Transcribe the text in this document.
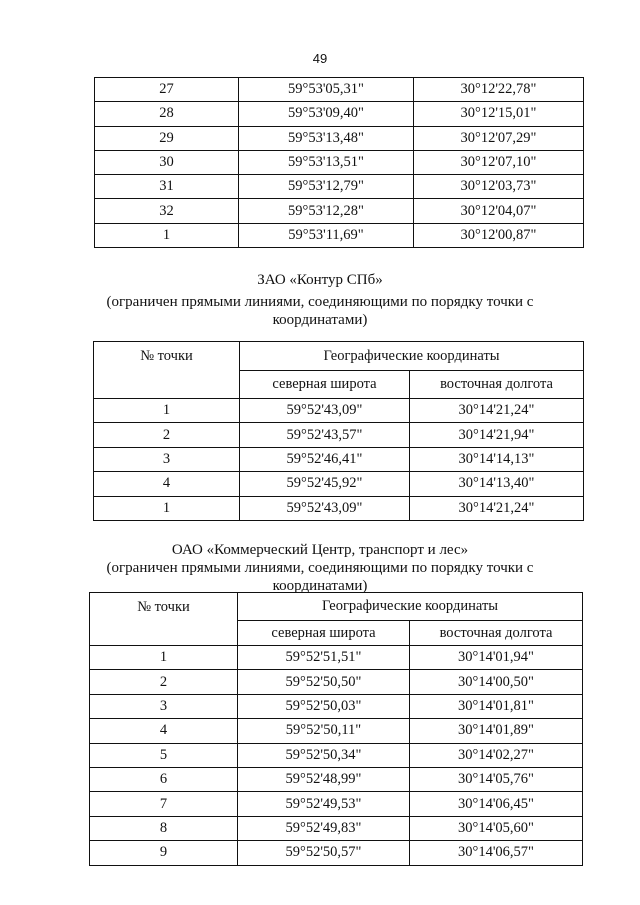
49
27	59°53'05,31"	30°12'22,78"
28	59°53'09,40"	30°12'15,01"
29	59°53'13,48"	30°12'07,29"
30	59°53'13,51"	30°12'07,10"
31	59°53'12,79"	30°12'03,73"
32	59°53'12,28"	30°12'04,07"
1	59°53'11,69"	30°12'00,87"
ЗАО «Контур СПб»
(ограничен прямыми линиями, соединяющими по порядку точки с
координатами)
№ точки	Географические координаты	
	северная широта	восточная долгота
1	59°52'43,09"	30°14'21,24"
2	59°52'43,57"	30°14'21,94"
3	59°52'46,41"	30°14'14,13"
4	59°52'45,92"	30°14'13,40"
1	59°52'43,09"	30°14'21,24"
ОАО «Коммерческий Центр, транспорт и лес»
(ограничен прямыми линиями, соединяющими по порядку точки с
координатами)
№ точки	Географические координаты	
	северная широта	восточная долгота
1	59°52'51,51"	30°14'01,94"
2	59°52'50,50"	30°14'00,50"
3	59°52'50,03"	30°14'01,81"
4	59°52'50,11"	30°14'01,89"
5	59°52'50,34"	30°14'02,27"
6	59°52'48,99"	30°14'05,76"
7	59°52'49,53"	30°14'06,45"
8	59°52'49,83"	30°14'05,60"
9	59°52'50,57"	30°14'06,57"
